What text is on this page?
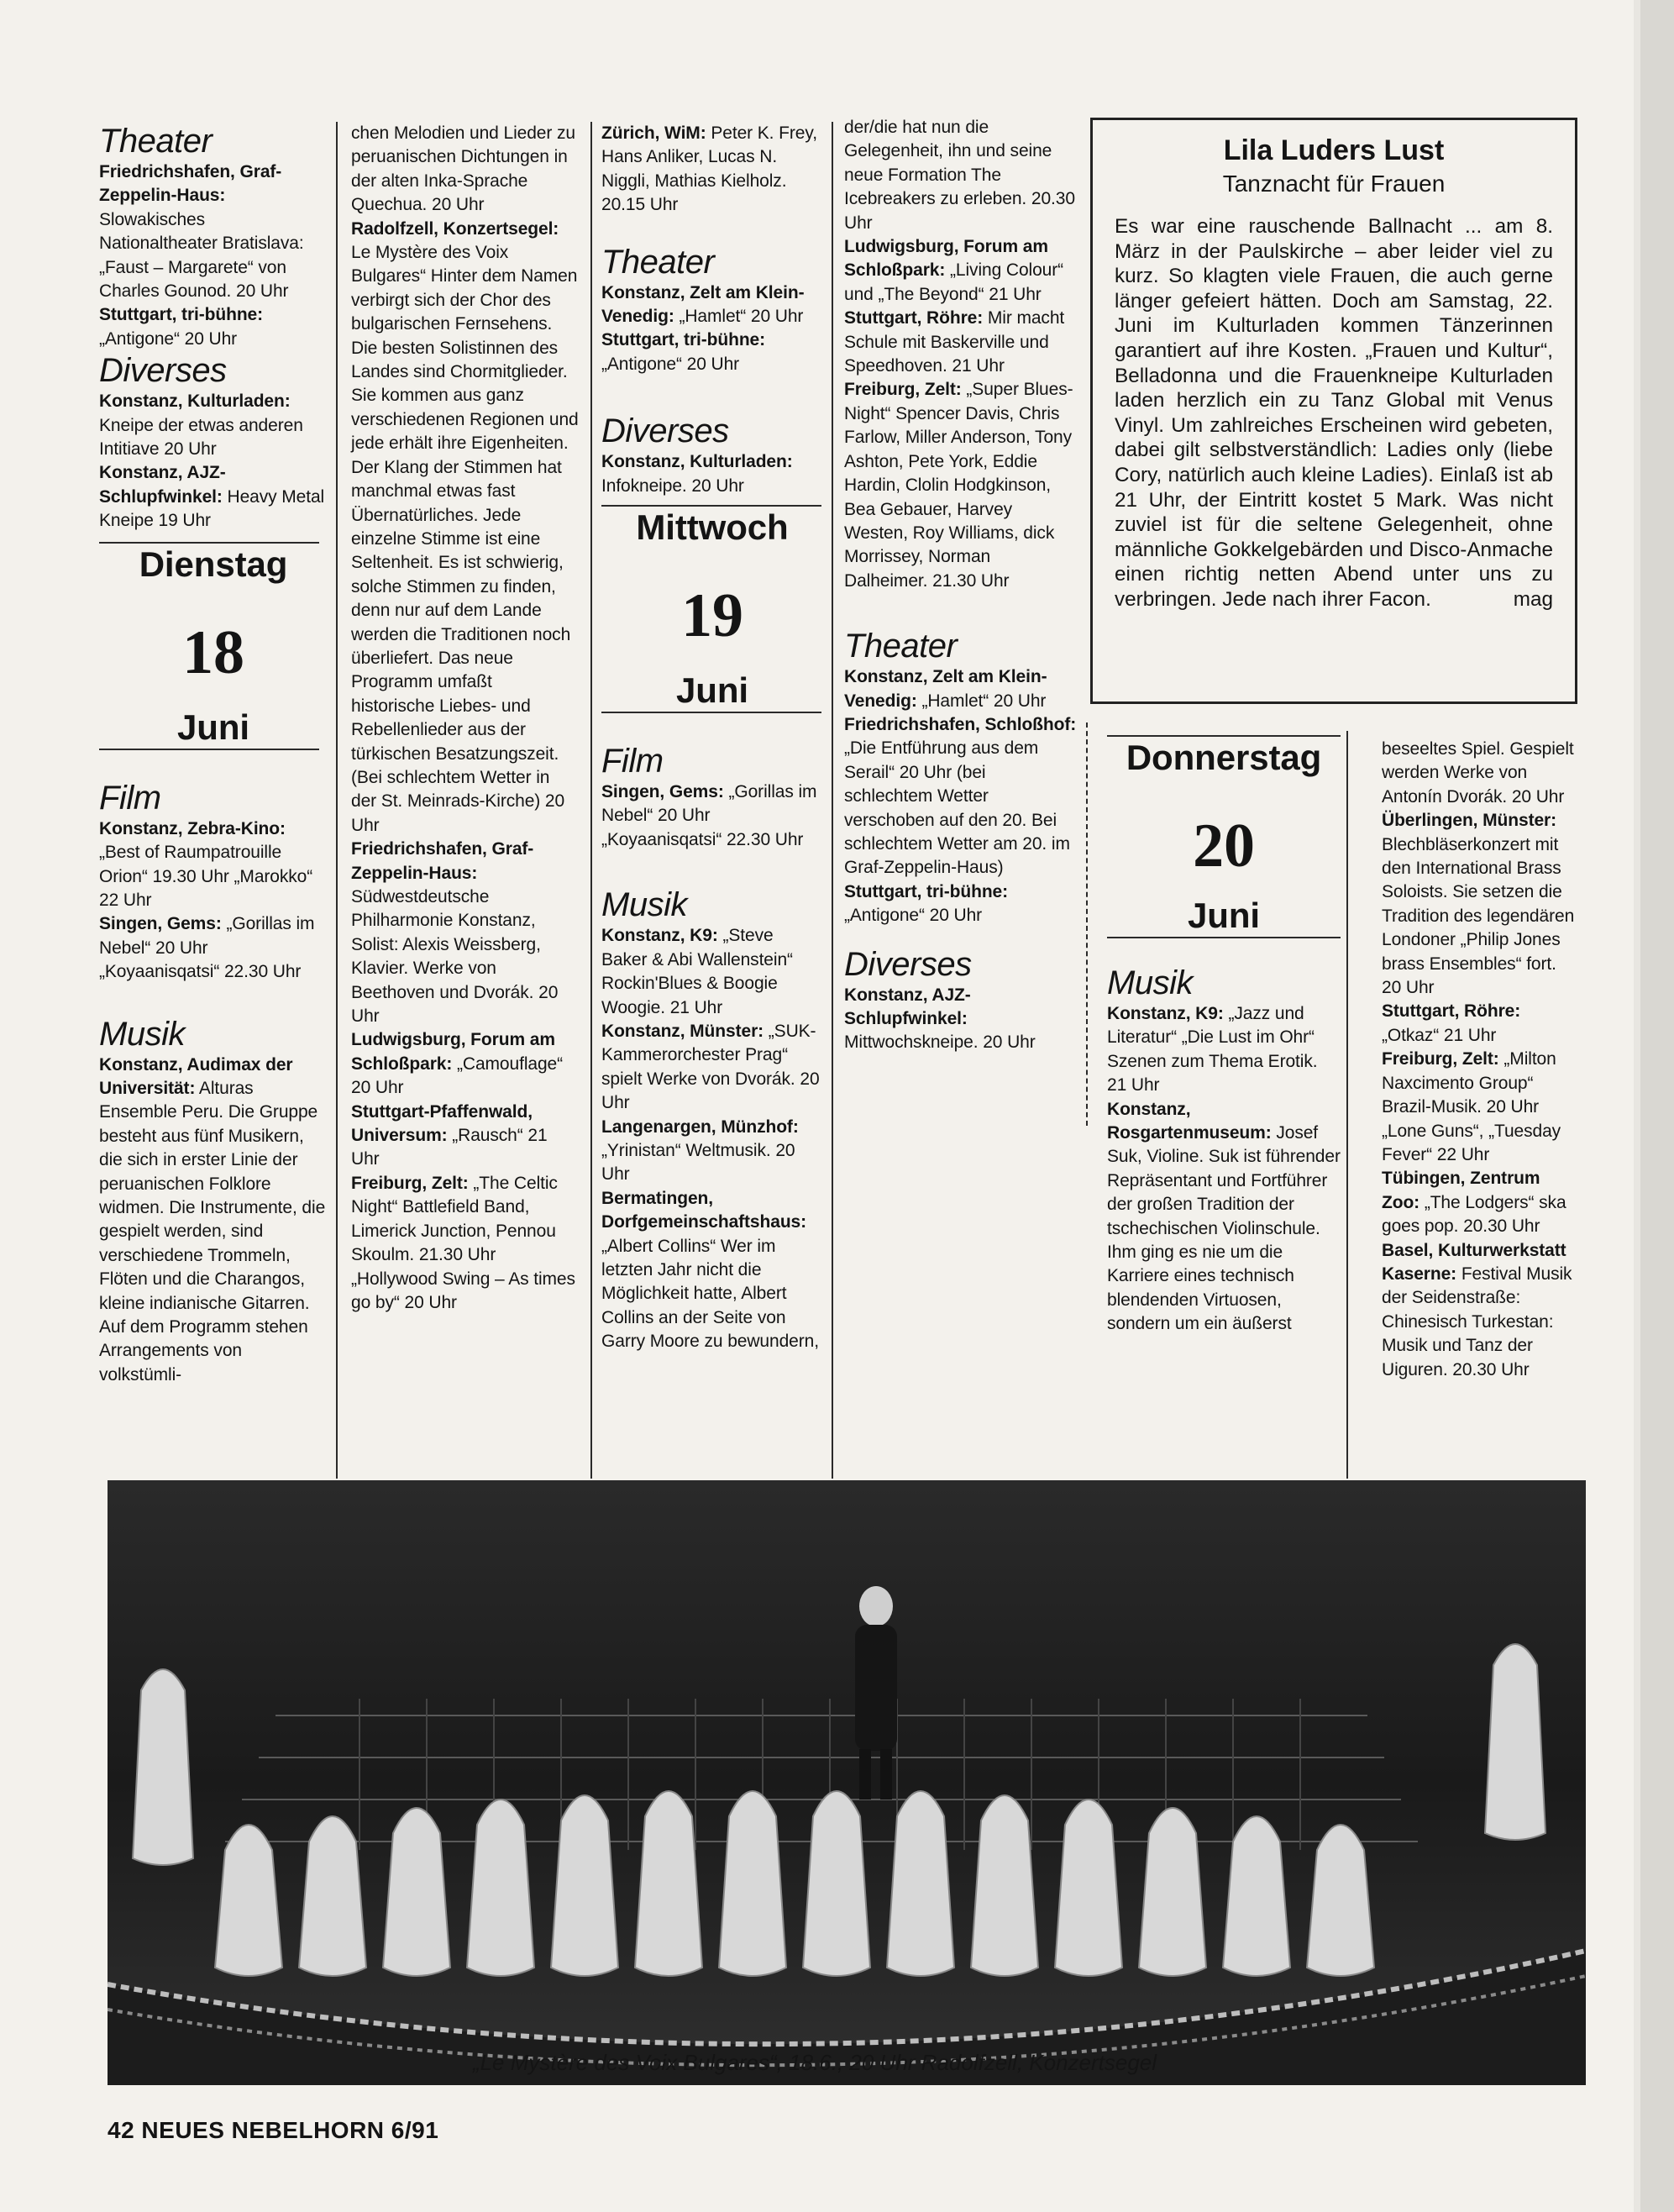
Theater

Friedrichshafen, Graf-Zeppelin-Haus: Slowakisches Nationaltheater Bratislava: „Faust – Margarete“ von Charles Gounod. 20 Uhr

Stuttgart, tri-bühne: „Antigone“ 20 Uhr

Diverses

Konstanz, Kulturladen: Kneipe der etwas anderen Intitiave 20 Uhr

Konstanz, AJZ-Schlupfwinkel: Heavy Metal Kneipe 19 Uhr

Dienstag
18
Juni
Film

Konstanz, Zebra-Kino: „Best of Raumpatrouille Orion“ 19.30 Uhr „Marokko“ 22 Uhr

Singen, Gems: „Gorillas im Nebel“ 20 Uhr „Koyaanisqatsi“ 22.30 Uhr

Musik

Konstanz, Audimax der Universität: Alturas Ensemble Peru. Die Gruppe besteht aus fünf Musikern, die sich in erster Linie der peruanischen Folklore widmen. Die Instrumente, die gespielt werden, sind verschiedene Trommeln, Flöten und die Charangos, kleine indianische Gitarren. Auf dem Programm stehen Arrangements von volkstümli-

chen Melodien und Lieder zu peruanischen Dichtungen in der alten Inka-Sprache Quechua. 20 Uhr

Radolfzell, Konzertsegel: Le Mystère des Voix Bulgares“ Hinter dem Namen verbirgt sich der Chor des bulgarischen Fernsehens. Die besten Solistinnen des Landes sind Chormitglieder. Sie kommen aus ganz verschiedenen Regionen und jede erhält ihre Eigenheiten. Der Klang der Stimmen hat manchmal etwas fast Übernatürliches. Jede einzelne Stimme ist eine Seltenheit. Es ist schwierig, solche Stimmen zu finden, denn nur auf dem Lande werden die Traditionen noch überliefert. Das neue Programm umfaßt historische Liebes- und Rebellenlieder aus der türkischen Besatzungszeit.(Bei schlechtem Wetter in der St. Meinrads-Kirche) 20 Uhr

Friedrichshafen, Graf-Zeppelin-Haus: Südwestdeutsche Philharmonie Konstanz, Solist: Alexis Weissberg, Klavier. Werke von Beethoven und Dvorák. 20 Uhr

Ludwigsburg, Forum am Schloßpark: „Camouflage“ 20 Uhr

Stuttgart-Pfaffenwald, Universum: „Rausch“ 21 Uhr

Freiburg, Zelt: „The Celtic Night“ Battlefield Band, Limerick Junction, Pennou Skoulm. 21.30 Uhr „Hollywood Swing – As times go by“ 20 Uhr

Zürich, WiM: Peter K. Frey, Hans Anliker, Lucas N. Niggli, Mathias Kielholz. 20.15 Uhr

Theater

Konstanz, Zelt am Klein-Venedig: „Hamlet“ 20 Uhr

Stuttgart, tri-bühne: „Antigone“ 20 Uhr

Diverses

Konstanz, Kulturladen: Infokneipe. 20 Uhr

Mittwoch
19
Juni
Film

Singen, Gems: „Gorillas im Nebel“ 20 Uhr „Koyaanisqatsi“ 22.30 Uhr

Musik

Konstanz, K9: „Steve Baker & Abi Wallenstein“ Rockin'Blues & Boogie Woogie. 21 Uhr

Konstanz, Münster: „SUK-Kammerorchester Prag“ spielt Werke von Dvorák. 20 Uhr

Langenargen, Münzhof: „Yrinistan“ Weltmusik. 20 Uhr

Bermatingen, Dorfgemeinschaftshaus: „Albert Collins“ Wer im letzten Jahr nicht die Möglichkeit hatte, Albert Collins an der Seite von Garry Moore zu bewundern,

der/die hat nun die Gelegenheit, ihn und seine neue Formation The Icebreakers zu erleben. 20.30 Uhr

Ludwigsburg, Forum am Schloßpark: „Living Colour“ und „The Beyond“ 21 Uhr

Stuttgart, Röhre: Mir macht Schule mit Baskerville und Speedhoven. 21 Uhr

Freiburg, Zelt: „Super Blues-Night“ Spencer Davis, Chris Farlow, Miller Anderson, Tony Ashton, Pete York, Eddie Hardin, Clolin Hodgkinson, Bea Gebauer, Harvey Westen, Roy Williams, dick Morrissey, Norman Dalheimer. 21.30 Uhr

Theater

Konstanz, Zelt am Klein-Venedig: „Hamlet“ 20 Uhr

Friedrichshafen, Schloßhof: „Die Entführung aus dem Serail“ 20 Uhr (bei schlechtem Wetter verschoben auf den 20. Bei schlechtem Wetter am 20. im Graf-Zeppelin-Haus)

Stuttgart, tri-bühne: „Antigone“ 20 Uhr

Diverses

Konstanz, AJZ-Schlupfwinkel: Mittwochskneipe. 20 Uhr

Lila Luders Lust
Tanznacht für Frauen
Es war eine rauschende Ballnacht ... am 8. März in der Paulskirche – aber leider viel zu kurz. So klagten viele Frauen, die auch gerne länger gefeiert hätten. Doch am Samstag, 22. Juni im Kulturladen kommen Tänzerinnen garantiert auf ihre Kosten. „Frauen und Kultur“, Belladonna und die Frauenkneipe Kulturladen laden herzlich ein zu Tanz Global mit Venus Vinyl. Um zahlreiches Erscheinen wird gebeten, dabei gilt selbstverständlich: Ladies only (liebe Cory, natürlich auch kleine Ladies). Einlaß ist ab 21 Uhr, der Eintritt kostet 5 Mark. Was nicht zuviel ist für die seltene Gelegenheit, ohne männliche Gokkelgebärden und Disco-Anmache einen richtig netten Abend unter uns zu verbringen. Jede nach ihrer Facon.	mag
Donnerstag
20
Juni
Musik

Konstanz, K9: „Jazz und Literatur“ „Die Lust im Ohr“ Szenen zum Thema Erotik. 21 Uhr

Konstanz, Rosgartenmuseum: Josef Suk, Violine. Suk ist führender Repräsentant und Fortführer der großen Tradition der tschechischen Violinschule. Ihm ging es nie um die Karriere eines technisch blendenden Virtuosen, sondern um ein äußerst

beseeltes Spiel. Gespielt werden Werke von Antonín Dvorák. 20 Uhr

Überlingen, Münster: Blechbläserkonzert mit den International Brass Soloists. Sie setzen die Tradition des legendären Londoner „Philip Jones brass Ensembles“ fort. 20 Uhr

Stuttgart, Röhre: „Otkaz“ 21 Uhr

Freiburg, Zelt: „Milton Naxcimento Group“ Brazil-Musik. 20 Uhr „Lone Guns“, „Tuesday Fever“ 22 Uhr

Tübingen, Zentrum Zoo: „The Lodgers“ ska goes pop. 20.30 Uhr

Basel, Kulturwerkstatt Kaserne: Festival Musik der Seidenstraße: Chinesisch Turkestan: Musik und Tanz der Uiguren. 20.30 Uhr

„Le Mystère des Voix Bulgares“, 18.6., 20 Uhr Radolfzell, Konzertsegel
42 NEUES NEBELHORN 6/91
